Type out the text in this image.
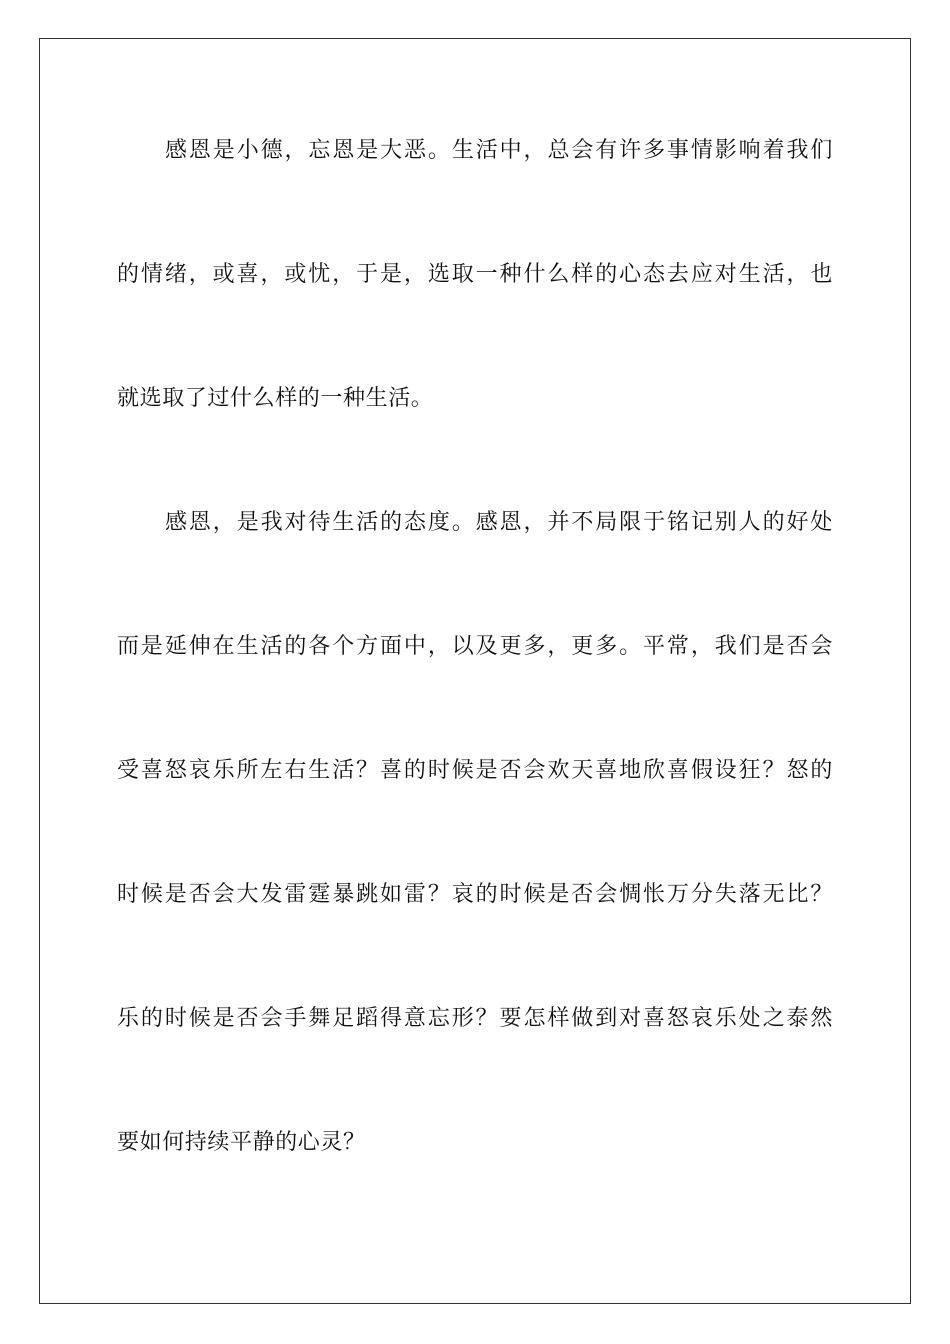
感恩是小德，忘恩是大恶。生活中，总会有许多事情影响着我们
的情绪，或喜，或忧，于是，选取一种什么样的心态去应对生活，也
就选取了过什么样的一种生活。
感恩，是我对待生活的态度。感恩，并不局限于铭记别人的好处
而是延伸在生活的各个方面中，以及更多，更多。平常，我们是否会
受喜怒哀乐所左右生活？喜的时候是否会欢天喜地欣喜假设狂？怒的
时候是否会大发雷霆暴跳如雷？哀的时候是否会惆怅万分失落无比？
乐的时候是否会手舞足蹈得意忘形？要怎样做到对喜怒哀乐处之泰然
要如何持续平静的心灵？
